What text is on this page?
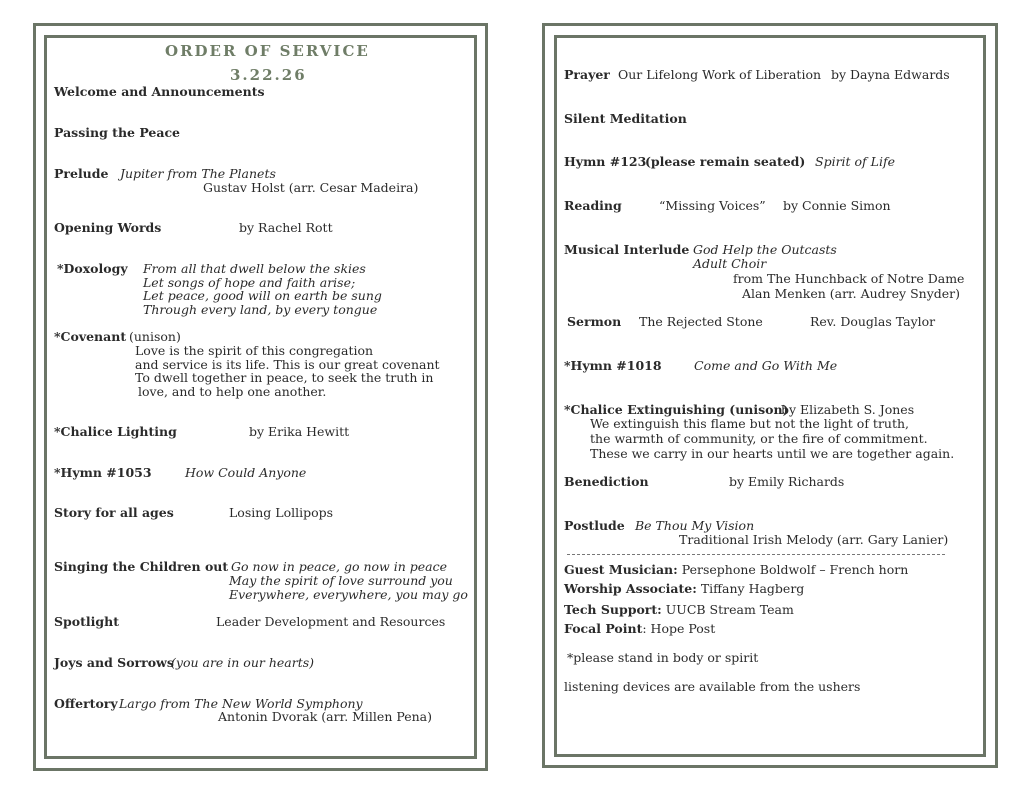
ORDER OF SERVICE
3.22.26
Welcome and Announcements
Passing the Peace
Prelude Jupiter from The Planets
Gustav Holst (arr. Cesar Madeira)
Opening Words	by Rachel Rott
*Doxology From all that dwell below the skies
Let songs of hope and faith arise;
Let peace, good will on earth be sung
Through every land, by every tongue
*Covenant (unison)
Love is the spirit of this congregation
and service is its life. This is our great covenant
To dwell together in peace, to seek the truth in
love, and to help one another.
*Chalice Lighting	by Erika Hewitt
*Hymn #1053	How Could Anyone
Story for all ages	Losing Lollipops
Singing the Children out Go now in peace, go now in peace
May the spirit of love surround you
Everywhere, everywhere, you may go
Spotlight	Leader Development and Resources
Joys and Sorrows
(you are in our hearts)
Offertory Largo from The New World Symphony
Antonin Dvorak (arr. Millen Pena)
Prayer Our Lifelong Work of Liberation by Dayna Edwards
Silent Meditation
Hymn #123
(please remain seated) Spirit of Life
Reading	“Missing Voices” by Connie Simon
Musical Interlude God Help the Outcasts
Adult Choir
from The Hunchback of Notre Dame
Alan Menken (arr. Audrey Snyder)
Sermon The Rejected Stone	Rev. Douglas Taylor
*Hymn #1018	Come and Go With Me
*Chalice Extinguishing (unison)
by Elizabeth S. Jones
We extinguish this flame but not the light of truth,
the warmth of community, or the fire of commitment.
These we carry in our hearts until we are together again.
Benediction	by Emily Richards
Postlude Be Thou My Vision
Traditional Irish Melody (arr. Gary Lanier)
Guest Musician: Persephone Boldwolf – French horn
Worship Associate: Tiffany Hagberg
Tech Support: UUCB Stream Team
Focal Point: Hope Post
*please stand in body or spirit
listening devices are available from the ushers
